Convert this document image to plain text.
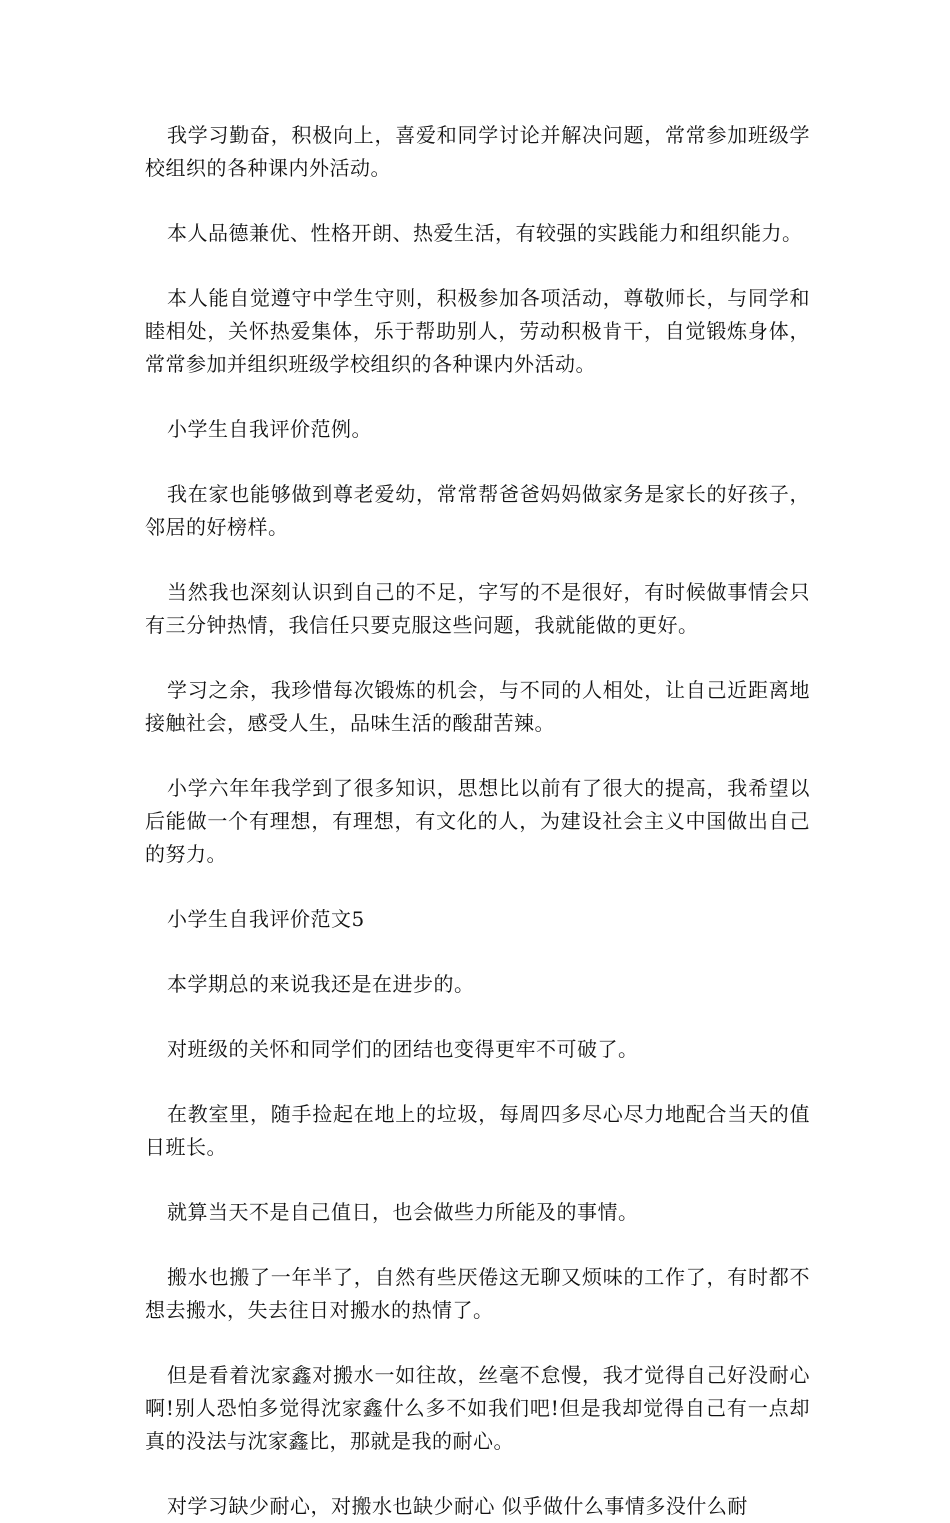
我学习勤奋，积极向上，喜爱和同学讨论并解决问题，常常参加班级学校组织的各种课内外活动。

本人品德兼优、性格开朗、热爱生活，有较强的实践能力和组织能力。

本人能自觉遵守中学生守则，积极参加各项活动，尊敬师长，与同学和睦相处，关怀热爱集体，乐于帮助别人，劳动积极肯干，自觉锻炼身体，常常参加并组织班级学校组织的各种课内外活动。

小学生自我评价范例。

我在家也能够做到尊老爱幼，常常帮爸爸妈妈做家务是家长的好孩子，邻居的好榜样。

当然我也深刻认识到自己的不足，字写的不是很好，有时候做事情会只有三分钟热情，我信任只要克服这些问题，我就能做的更好。

学习之余，我珍惜每次锻炼的机会，与不同的人相处，让自己近距离地接触社会，感受人生，品味生活的酸甜苦辣。

小学六年年我学到了很多知识，思想比以前有了很大的提高，我希望以后能做一个有理想，有理想，有文化的人，为建设社会主义中国做出自己的努力。

小学生自我评价范文5

本学期总的来说我还是在进步的。

对班级的关怀和同学们的团结也变得更牢不可破了。

在教室里，随手捡起在地上的垃圾，每周四多尽心尽力地配合当天的值日班长。

就算当天不是自己值日，也会做些力所能及的事情。

搬水也搬了一年半了，自然有些厌倦这无聊又烦味的工作了，有时都不想去搬水，失去往日对搬水的热情了。

但是看着沈家鑫对搬水一如往故，丝毫不怠慢，我才觉得自己好没耐心啊!别人恐怕多觉得沈家鑫什么多不如我们吧!但是我却觉得自己有一点却真的没法与沈家鑫比，那就是我的耐心。

对学习缺少耐心，对搬水也缺少耐心 似乎做什么事情多没什么耐
